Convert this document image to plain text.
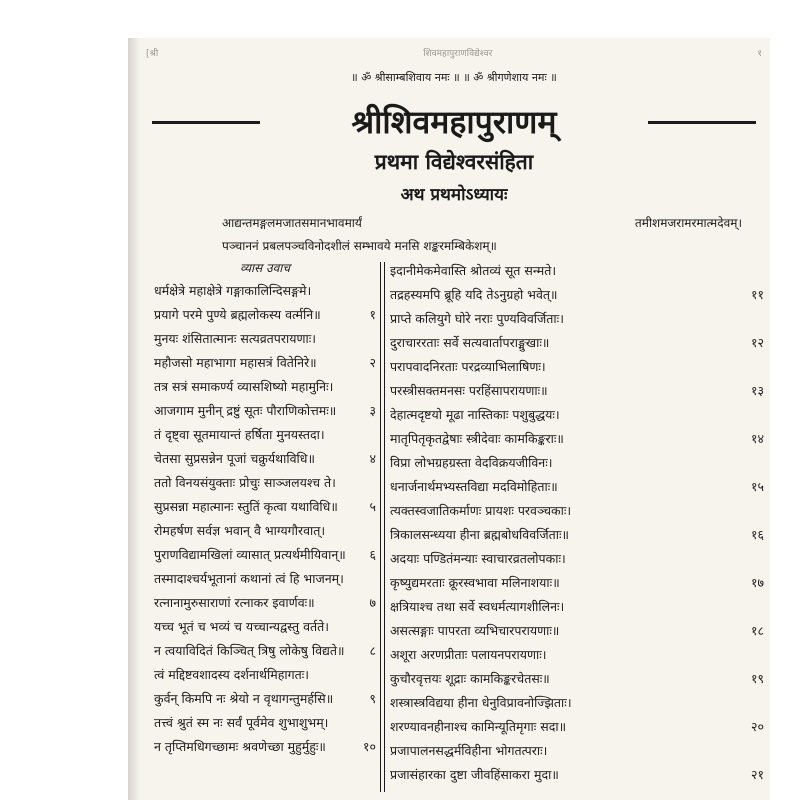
[श्री	शिवमहापुराणविद्येश्वर	१
॥ ॐ श्रीसाम्बशिवाय नमः ॥ ॥ ॐ श्रीगणेशाय नमः ॥
श्रीशिवमहापुराणम्
प्रथमा विद्येश्वरसंहिता
अथ प्रथमोऽध्यायः
आद्यन्तमङ्गलमजातसमानभावमार्यं	तमीशमजरामरमात्मदेवम्।
पञ्चाननं प्रबलपञ्चविनोदशीलं सम्भावये मनसि शङ्करमम्बिकेशम्॥
व्यास उवाच
धर्मक्षेत्रे महाक्षेत्रे गङ्गाकालिन्दिसङ्गमे।
प्रयागे परमे पुण्ये ब्रह्मलोकस्य वर्त्मनि॥	१
मुनयः शंसितात्मानः सत्यव्रतपरायणाः।
महौजसो महाभागा महासत्रं वितेनिरे॥	२
तत्र सत्रं समाकर्ण्य व्यासशिष्यो महामुनिः।
आजगाम मुनीन् द्रष्टुं सूतः पौराणिकोत्तमः॥	३
तं दृष्ट्वा सूतमायान्तं हर्षिता मुनयस्तदा।
चेतसा सुप्रसन्नेन पूजां चक्रुर्यथाविधि॥	४
ततो विनयसंयुक्ताः प्रोचुः साञ्जलयश्च ते।
सुप्रसन्ना महात्मानः स्तुतिं कृत्वा यथाविधि॥	५
रोमहर्षण सर्वज्ञ भवान् वै भाग्यगौरवात्।
पुराणविद्यामखिलां व्यासात् प्रत्यर्थमीयिवान्॥	६
तस्मादाश्चर्यभूतानां कथानां त्वं हि भाजनम्।
रत्नानामुरुसाराणां रत्नाकर इवार्णवः॥	७
यच्च भूतं च भव्यं च यच्चान्यद्वस्तु वर्तते।
न त्वयाविदितं किञ्चित् त्रिषु लोकेषु विद्यते॥	८
त्वं मद्दिष्टवशादस्य दर्शनार्थमिहागतः।
कुर्वन् किमपि नः श्रेयो न वृथागन्तुमर्हसि॥	९
तत्त्वं श्रुतं स्म नः सर्वं पूर्वमेव शुभाशुभम्।
न तृप्तिमधिगच्छामः श्रवणेच्छा मुहुर्मुहुः॥	१०
इदानीमेकमेवास्ति श्रोतव्यं सूत सन्मते।
तद्रहस्यमपि ब्रूहि यदि तेऽनुग्रहो भवेत्॥	११
प्राप्ते कलियुगे घोरे नराः पुण्यविवर्जिताः।
दुराचाररताः सर्वे सत्यवार्तापराङ्मुखाः॥	१२
परापवादनिरताः परद्रव्याभिलाषिणः।
परस्त्रीसक्तमनसः परहिंसापरायणाः॥	१३
देहात्मदृष्टयो मूढा नास्तिकाः पशुबुद्धयः।
मातृपितृकृतद्वेषाः स्त्रीदेवाः कामकिङ्कराः॥	१४
विप्रा लोभग्रहग्रस्ता वेदविक्रयजीविनः।
धनार्जनार्थमभ्यस्तविद्या मदविमोहिताः॥	१५
त्यक्तस्वजातिकर्माणः प्रायशः परवञ्चकाः।
त्रिकालसन्ध्यया हीना ब्रह्मबोधविवर्जिताः॥	१६
अदयाः पण्डितंमन्याः स्वाचारव्रतलोपकाः।
कृष्युद्यमरताः क्रूरस्वभावा मलिनाशयाः॥	१७
क्षत्रियाश्च तथा सर्वे स्वधर्मत्यागशीलिनः।
असत्सङ्गाः पापरता व्यभिचारपरायणाः॥	१८
अशूरा अरणप्रीताः पलायनपरायणाः।
कुचौरवृत्तयः शूद्राः कामकिङ्करचेतसः॥	१९
शस्त्रास्त्रविद्यया हीना धेनुविप्रावनोज्झिताः।
शरण्यावनहीनाश्च कामिन्यूतिमृगाः सदा॥	२०
प्रजापालनसद्धर्मविहीना भोगतत्पराः।
प्रजासंहारका दुष्टा जीवहिंसाकरा मुदा॥	२१
